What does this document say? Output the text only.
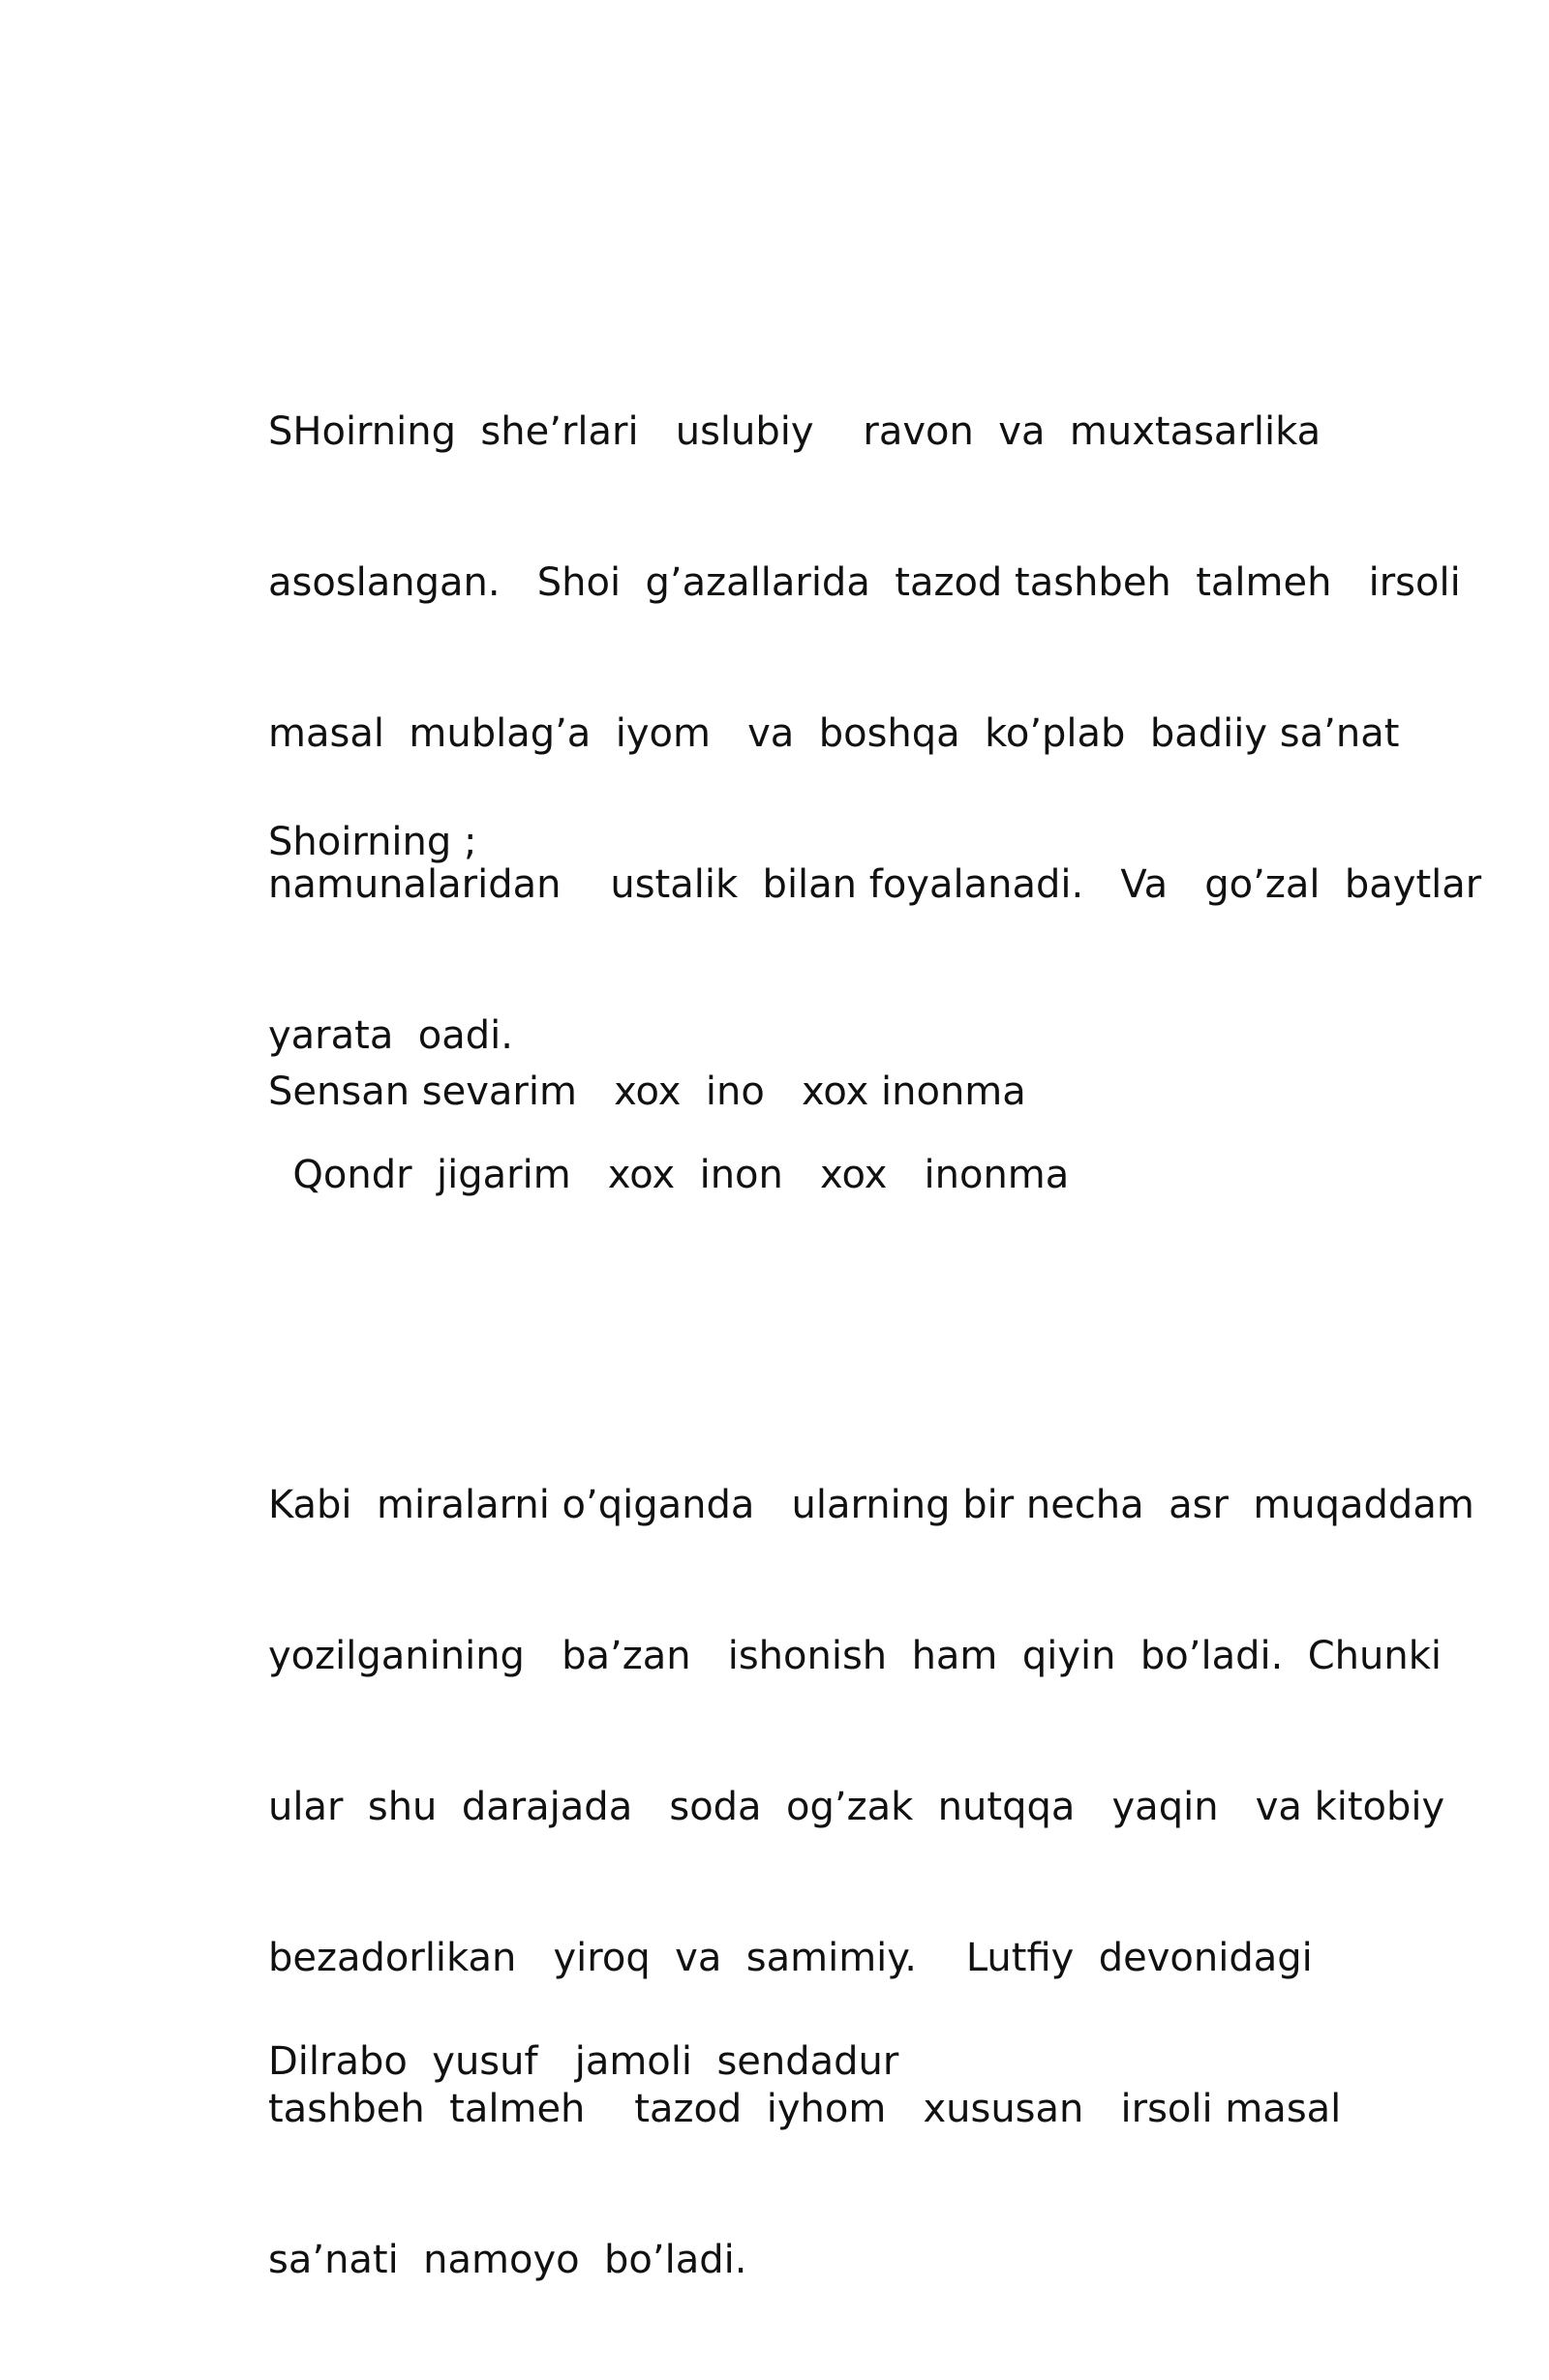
SHoirning  she’rlari   uslubiy    ravon  va  muxtasarlika

asoslangan.   Shoi  g’azallarida  tazod tashbeh  talmeh   irsoli

masal  mublag’a  iyom   va  boshqa  ko’plab  badiiy sa’nat

namunalaridan    ustalik  bilan foyalanadi.   Va   go’zal  baytlar

yarata  oadi.

Shoirning ;

Sensan sevarim   xox  ino   xox inonma

Qondr  jigarim   xox  inon   xox   inonma

Kabi  miralarni o’qiganda   ularning bir necha  asr  muqaddam

yozilganining   ba’zan   ishonish  ham  qiyin  bo’ladi.  Chunki

ular  shu  darajada   soda  og’zak  nutqqa   yaqin   va kitobiy

bezadorlikan   yiroq  va  samimiy.    Lutfiy  devonidagi

tashbeh  talmeh    tazod  iyhom   xususan   irsoli masal

sa’nati  namoyo  bo’ladi.

Dilrabo  yusuf   jamoli  sendadur
